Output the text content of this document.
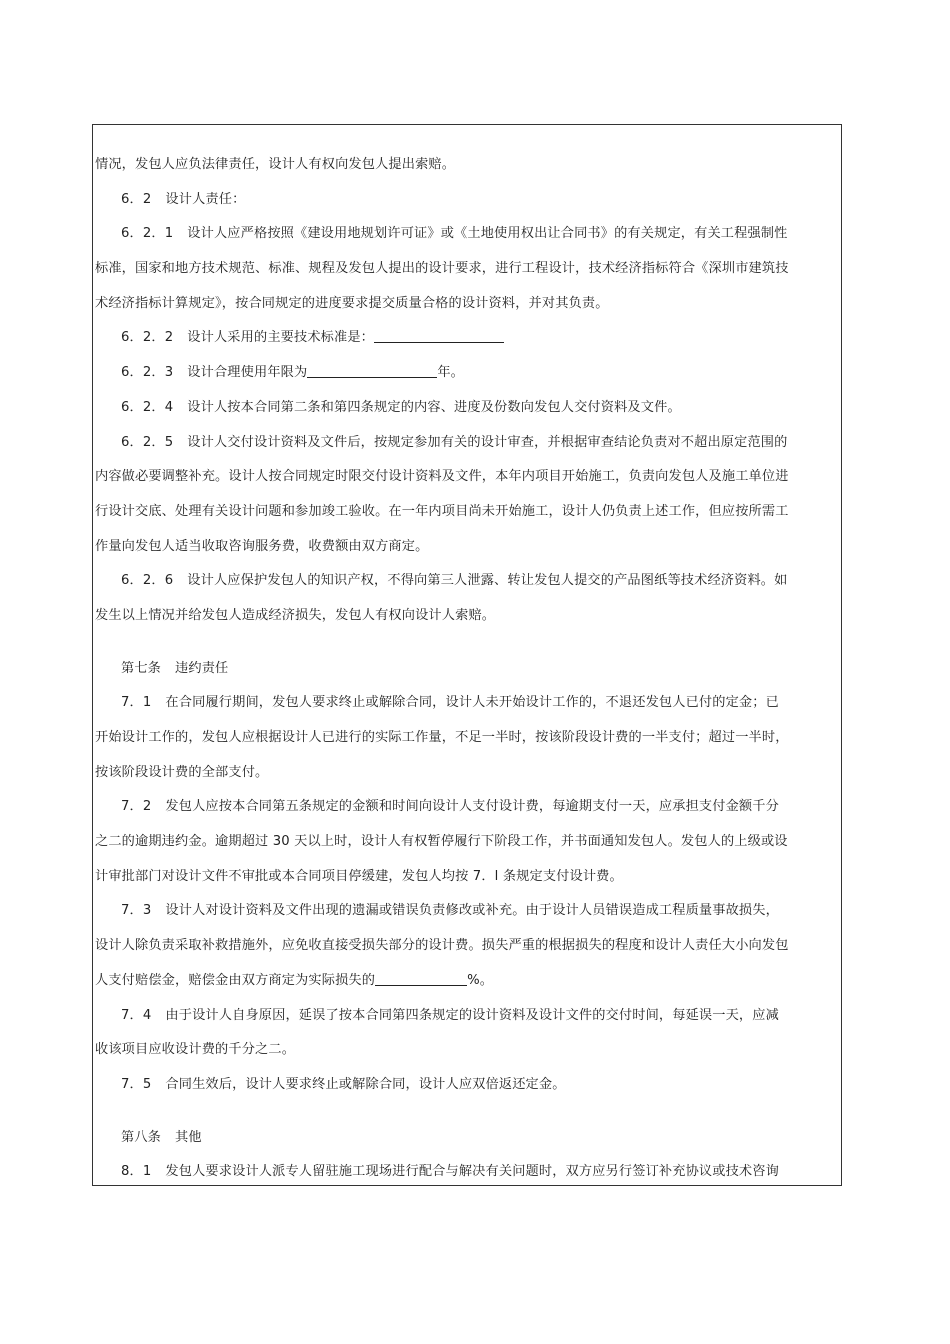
情况，发包人应负法律责任，设计人有权向发包人提出索赔。
6．2 设计人责任：
6．2．1 设计人应严格按照《建设用地规划许可证》或《土地使用权出让合同书》的有关规定，有关工程强制性
标准，国家和地方技术规范、标准、规程及发包人提出的设计要求，进行工程设计，技术经济指标符合《深圳市建筑技
术经济指标计算规定》，按合同规定的进度要求提交质量合格的设计资料，并对其负责。
6．2．2 设计人采用的主要技术标准是：
6．2．3 设计合理使用年限为	年。
6．2．4 设计人按本合同第二条和第四条规定的内容、进度及份数向发包人交付资料及文件。
6．2．5 设计人交付设计资料及文件后，按规定参加有关的设计审查，并根据审查结论负责对不超出原定范围的
内容做必要调整补充。设计人按合同规定时限交付设计资料及文件，本年内项目开始施工，负责向发包人及施工单位进
行设计交底、处理有关设计问题和参加竣工验收。在一年内项目尚未开始施工，设计人仍负责上述工作，但应按所需工
作量向发包人适当收取咨询服务费，收费额由双方商定。
6．2．6 设计人应保护发包人的知识产权，不得向第三人泄露、转让发包人提交的产品图纸等技术经济资料。如
发生以上情况并给发包人造成经济损失，发包人有权向设计人索赔。
第七条 违约责任
7．1 在合同履行期间，发包人要求终止或解除合同，设计人未开始设计工作的，不退还发包人已付的定金；已
开始设计工作的，发包人应根据设计人已进行的实际工作量，不足一半时，按该阶段设计费的一半支付；超过一半时，
按该阶段设计费的全部支付。
7．2 发包人应按本合同第五条规定的金额和时间向设计人支付设计费，每逾期支付一天，应承担支付金额千分
之二的逾期违约金。逾期超过 30 天以上时，设计人有权暂停履行下阶段工作，并书面通知发包人。发包人的上级或设
计审批部门对设计文件不审批或本合同项目停缓建，发包人均按 7．l 条规定支付设计费。
7．3 设计人对设计资料及文件出现的遗漏或错误负责修改或补充。由于设计人员错误造成工程质量事故损失，
设计人除负责采取补救措施外，应免收直接受损失部分的设计费。损失严重的根据损失的程度和设计人责任大小向发包
人支付赔偿金，赔偿金由双方商定为实际损失的	%。
7．4 由于设计人自身原因，延误了按本合同第四条规定的设计资料及设计文件的交付时间，每延误一天，应减
收该项目应收设计费的千分之二。
7．5 合同生效后，设计人要求终止或解除合同，设计人应双倍返还定金。
第八条 其他
8．1 发包人要求设计人派专人留驻施工现场进行配合与解决有关问题时，双方应另行签订补充协议或技术咨询
